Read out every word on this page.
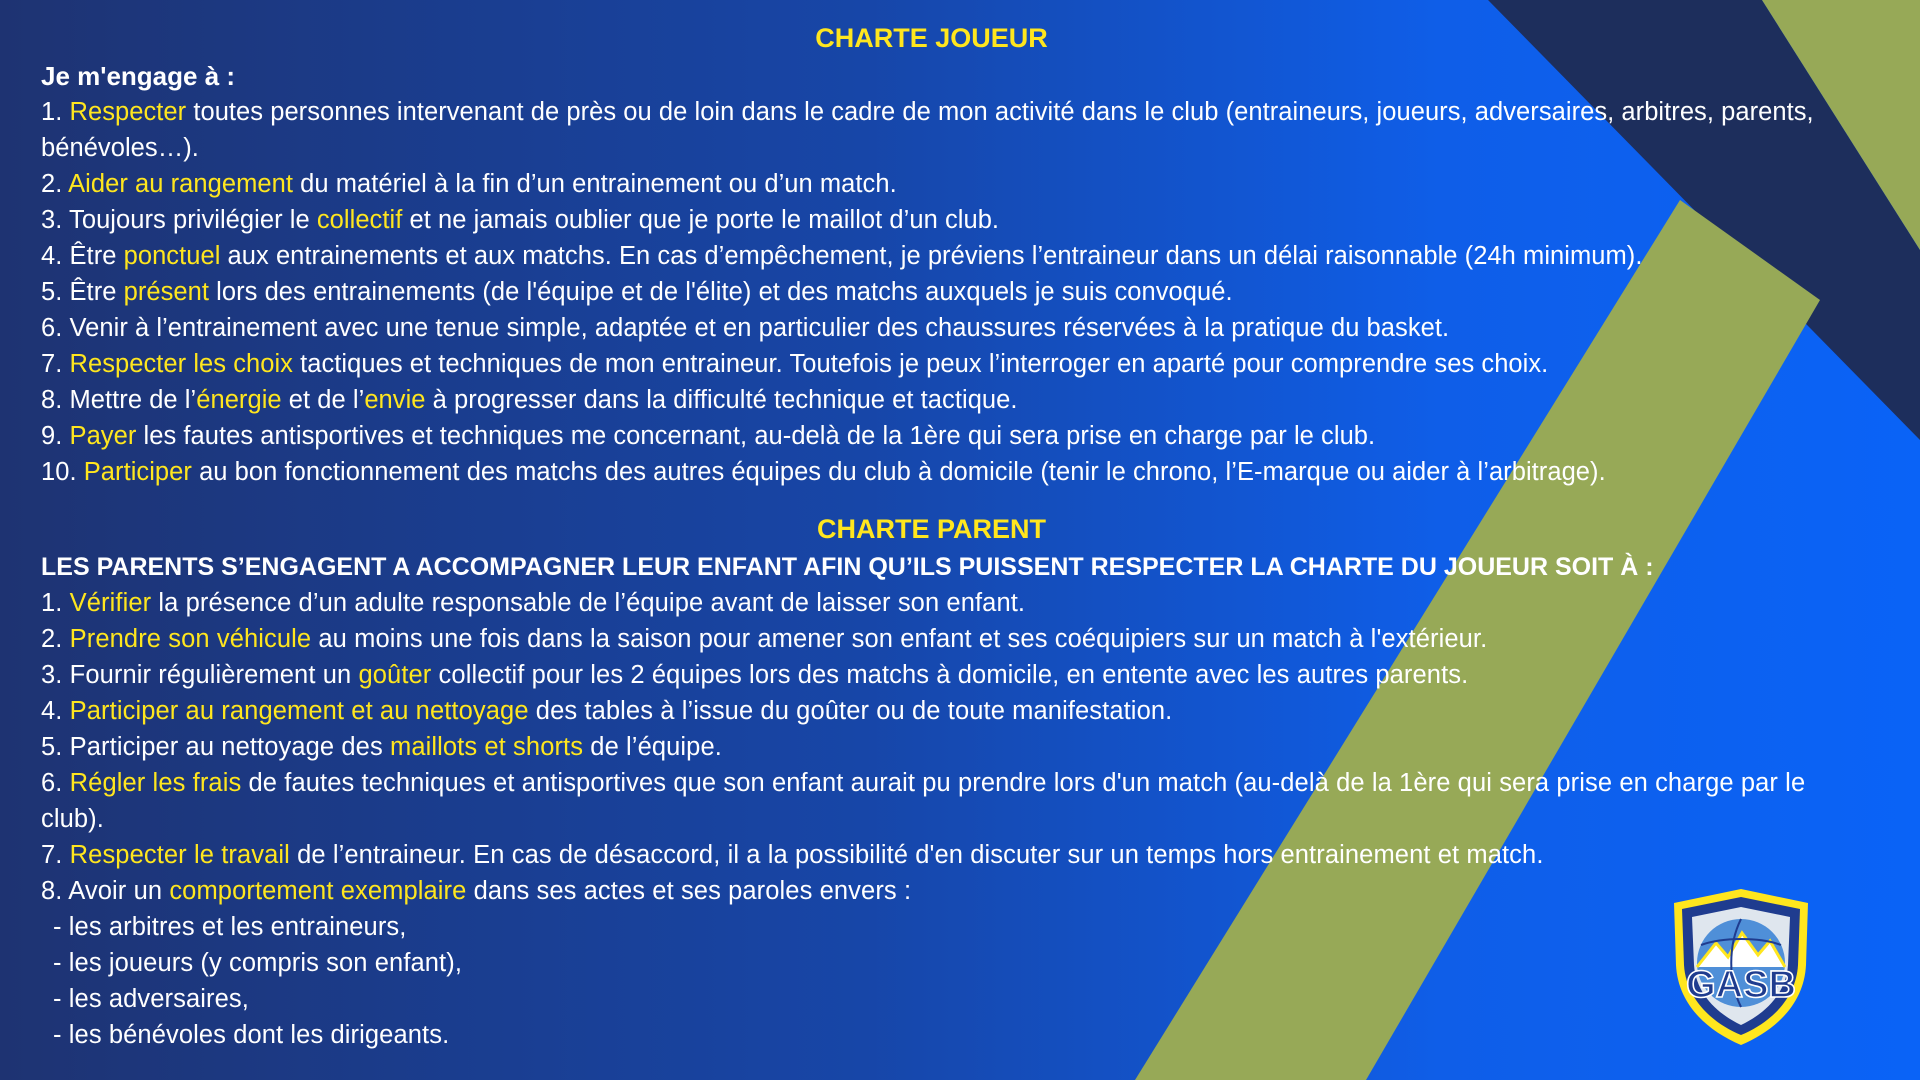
CHARTE JOUEUR
Je m'engage à :
1. Respecter toutes personnes intervenant de près ou de loin dans le cadre de mon activité dans le club (entraineurs, joueurs, adversaires, arbitres, parents, bénévoles…).
2. Aider au rangement du matériel à la fin d’un entrainement ou d’un match.
3. Toujours privilégier le collectif et ne jamais oublier que je porte le maillot d’un club.
4. Être ponctuel aux entrainements et aux matchs. En cas d’empêchement, je préviens l’entraineur dans un délai raisonnable (24h minimum).
5. Être présent lors des entrainements (de l'équipe et de l'élite) et des matchs auxquels je suis convoqué.
6. Venir à l’entrainement avec une tenue simple, adaptée et en particulier des chaussures réservées à la pratique du basket.
7. Respecter les choix tactiques et techniques de mon entraineur. Toutefois je peux l’interroger en aparté pour comprendre ses choix.
8. Mettre de l’énergie et de l’envie à progresser dans la difficulté technique et tactique.
9. Payer les fautes antisportives et techniques me concernant, au-delà de la 1ère qui sera prise en charge par le club.
10. Participer au bon fonctionnement des matchs des autres équipes du club à domicile (tenir le chrono, l’E-marque ou aider à l’arbitrage).
CHARTE PARENT
LES PARENTS S’ENGAGENT A ACCOMPAGNER LEUR ENFANT AFIN QU’ILS PUISSENT RESPECTER LA CHARTE DU JOUEUR SOIT À :
1. Vérifier la présence d’un adulte responsable de l’équipe avant de laisser son enfant.
2. Prendre son véhicule au moins une fois dans la saison pour amener son enfant et ses coéquipiers sur un match à l'extérieur.
3. Fournir régulièrement un goûter collectif pour les 2 équipes lors des matchs à domicile, en entente avec les autres parents.
4. Participer au rangement et au nettoyage des tables à l’issue du goûter ou de toute manifestation.
5. Participer au nettoyage des maillots et shorts de l’équipe.
6. Régler les frais de fautes techniques et antisportives que son enfant aurait pu prendre lors d'un match (au-delà de la 1ère qui sera prise en charge par le club).
7. Respecter le travail de l’entraineur. En cas de désaccord, il a la possibilité d'en discuter sur un temps hors entrainement et match.
8. Avoir un comportement exemplaire dans ses actes et ses paroles envers :
- les arbitres et les entraineurs,
- les joueurs (y compris son enfant),
- les adversaires,
- les bénévoles dont les dirigeants.
GASB
